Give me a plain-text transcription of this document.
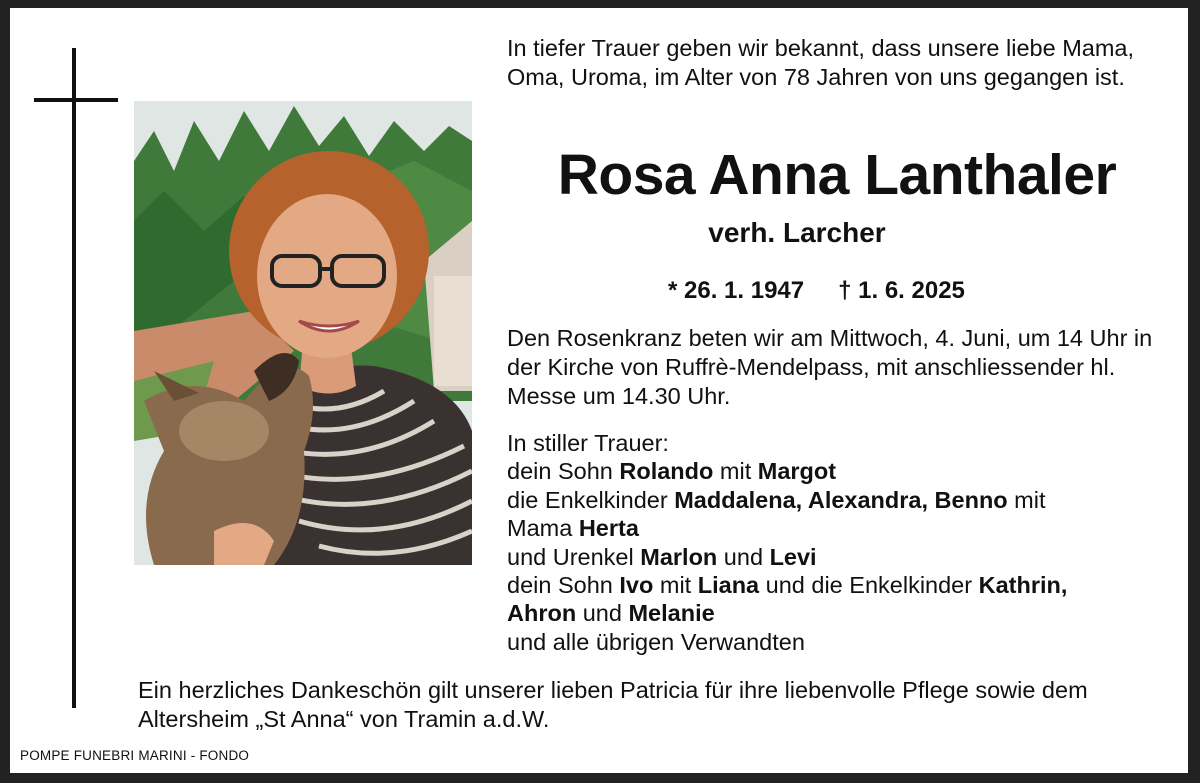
In tiefer Trauer geben wir bekannt, dass unsere liebe Mama, Oma, Uroma, im Alter von 78 Jahren von uns gegangen ist.

Rosa Anna Lanthaler
verh. Larcher
* 26. 1. 1947 † 1. 6. 2025

Den Rosenkranz beten wir am Mittwoch, 4. Juni, um 14 Uhr in der Kirche von Ruffrè-Mendelpass, mit anschliessender hl. Messe um 14.30 Uhr.

In stiller Trauer:
dein Sohn Rolando mit Margot
die Enkelkinder Maddalena, Alexandra, Benno mit
Mama Herta
und Urenkel Marlon und Levi
dein Sohn Ivo mit Liana und die Enkelkinder Kathrin,
Ahron und Melanie
und alle übrigen Verwandten

Ein herzliches Dankeschön gilt unserer lieben Patricia für ihre liebenvolle Pflege sowie dem Altersheim „St Anna“ von Tramin a.d.W.

POMPE FUNEBRI MARINI - FONDO
